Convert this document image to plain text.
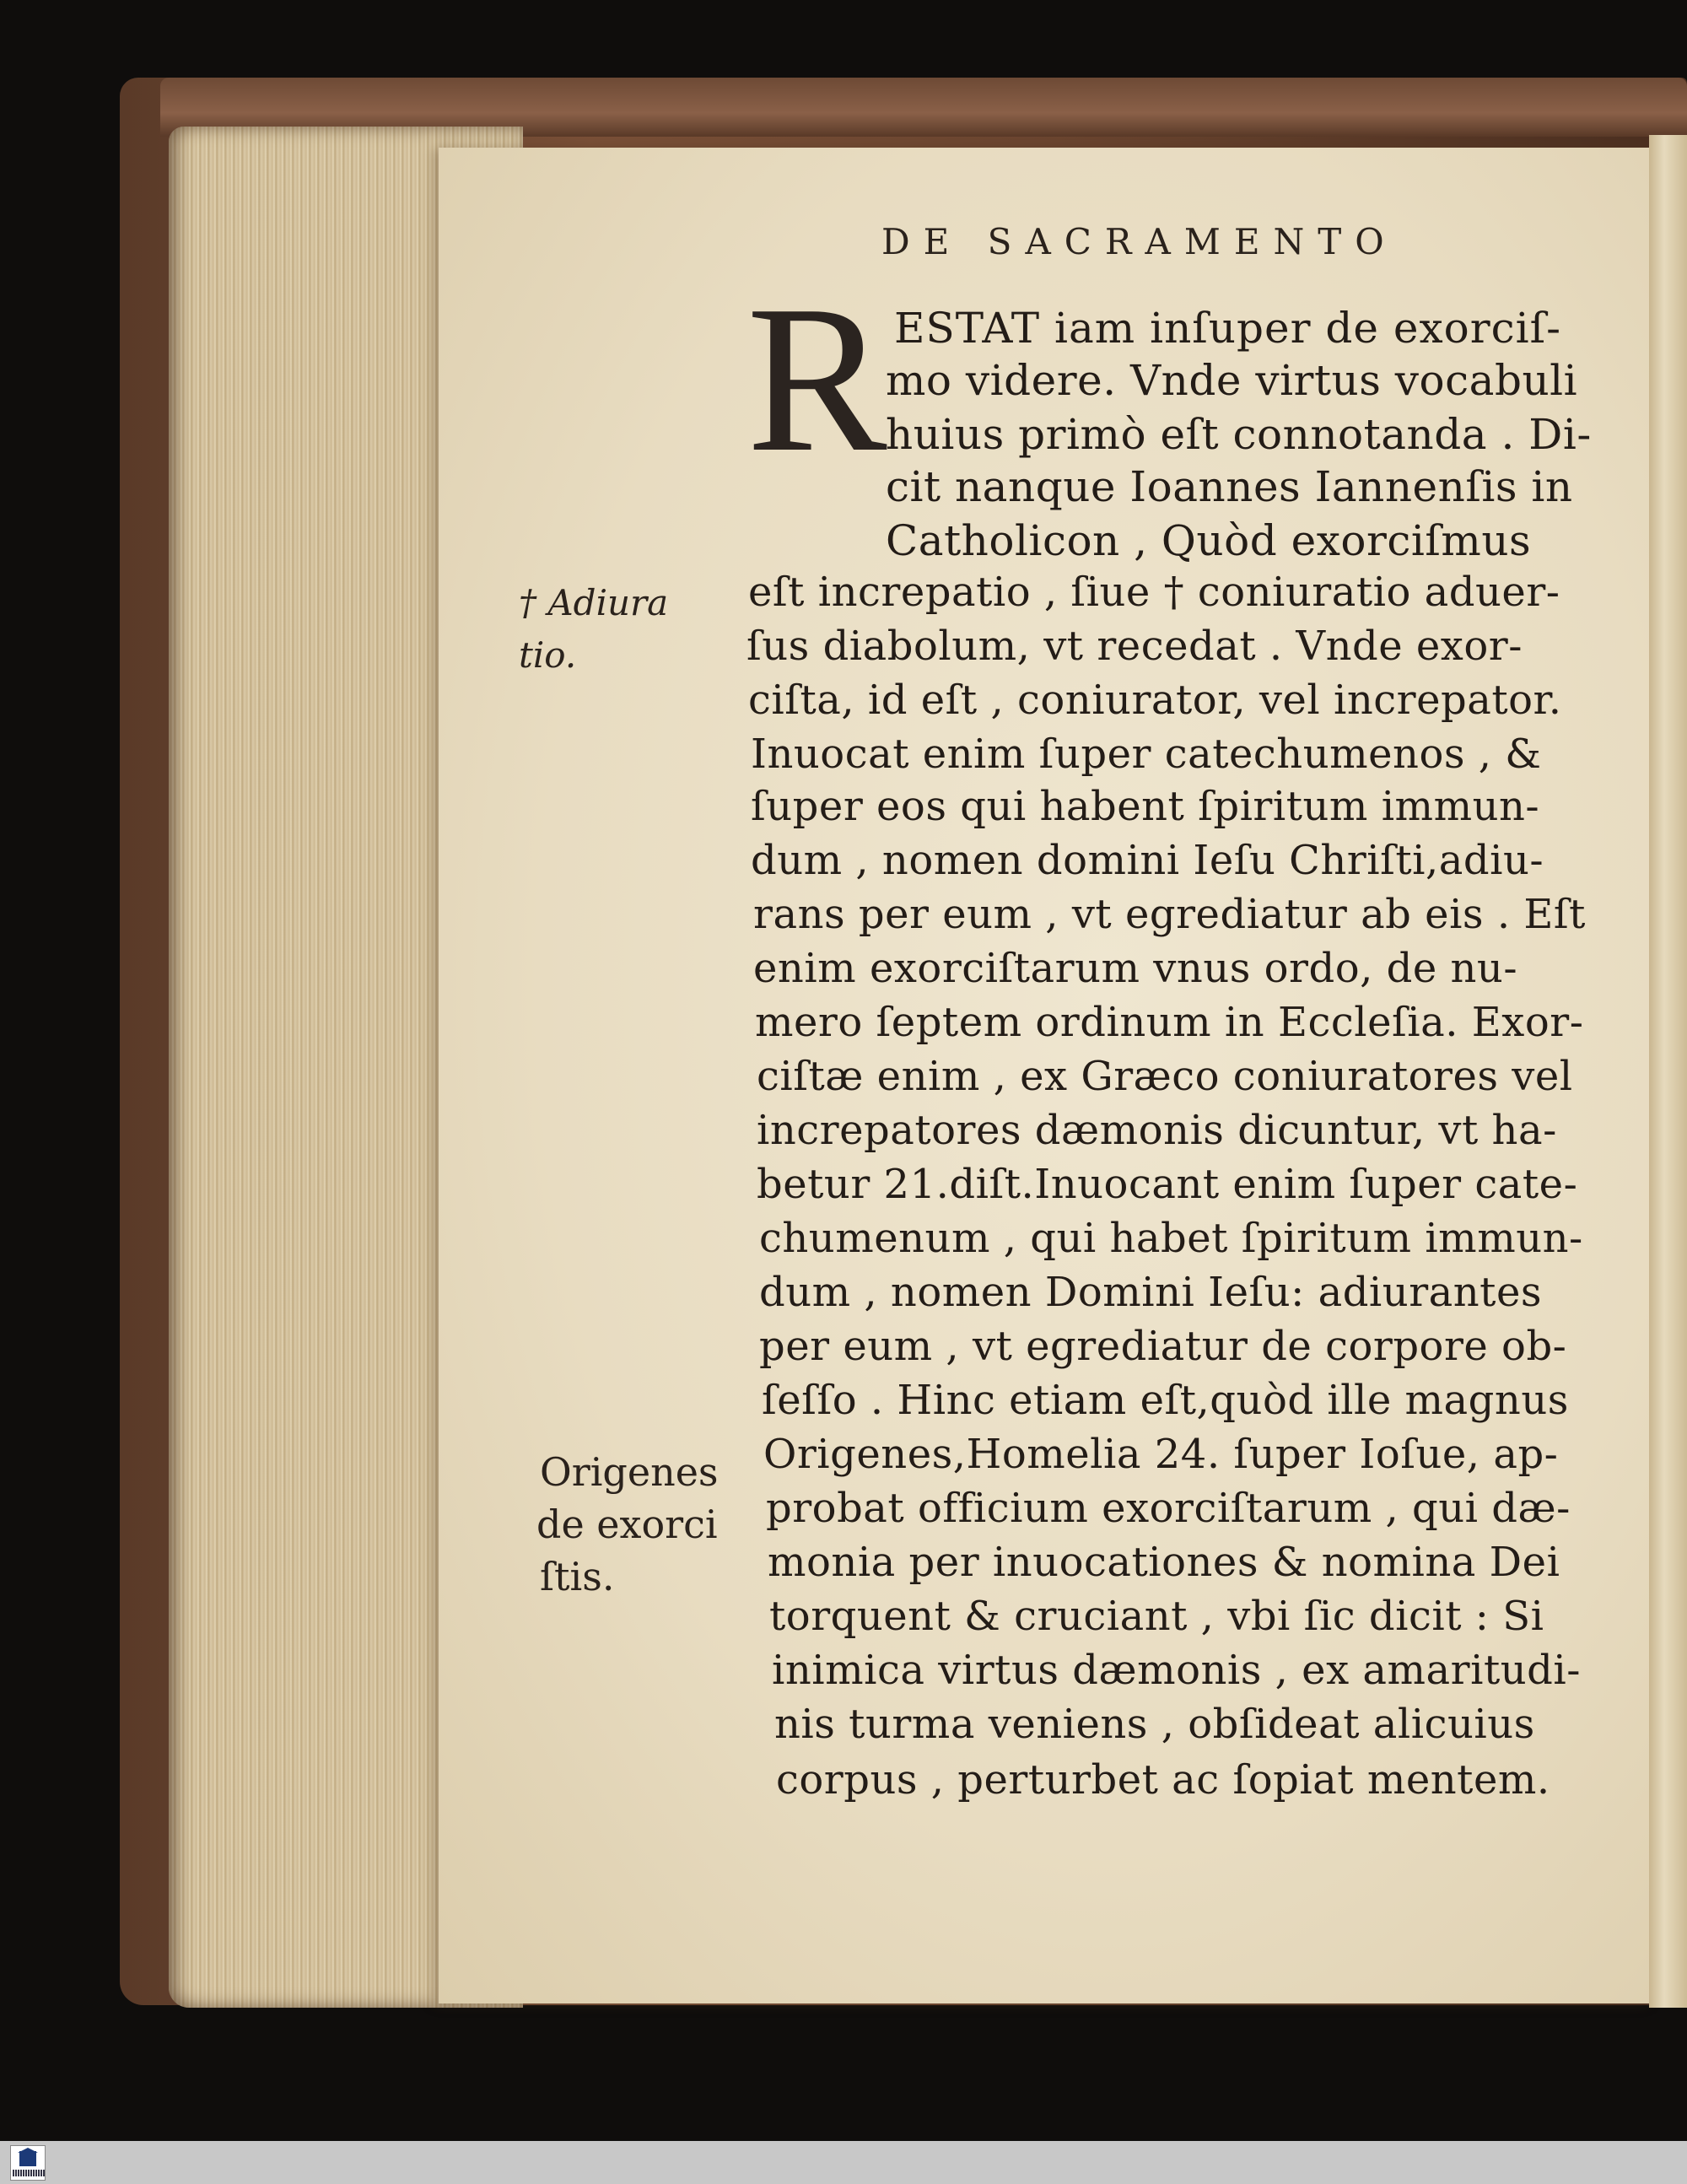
DE SACRAMENTO
R ESTAT iam inſuper de exorciſ-
mo videre. Vnde virtus vocabuli
huius primò eſt connotanda . Di-
cit nanque Ioannes Iannenſis in
Catholicon , Quòd exorciſmus
eſt increpatio , ſiue † coniuratio aduer-
ſus diabolum, vt recedat . Vnde exor-
ciſta, id eſt , coniurator, vel increpator.
Inuocat enim ſuper catechumenos , &
ſuper eos qui habent ſpiritum immun-
dum , nomen domini Ieſu Chriſti,adiu-
rans per eum , vt egrediatur ab eis . Eſt
enim exorciſtarum vnus ordo, de nu-
mero ſeptem ordinum in Eccleſia. Exor-
ciſtæ enim , ex Græco coniuratores vel
increpatores dæmonis dicuntur, vt ha-
betur 21.diſt.Inuocant enim ſuper cate-
chumenum , qui habet ſpiritum immun-
dum , nomen Domini Ieſu: adiurantes
per eum , vt egrediatur de corpore ob-
ſeſſo . Hinc etiam eſt,quòd ille magnus
Origenes,Homelia 24. ſuper Ioſue, ap-
probat officium exorciſtarum , qui dæ-
monia per inuocationes & nomina Dei
torquent & cruciant , vbi ſic dicit : Si
inimica virtus dæmonis , ex amaritudi-
nis turma veniens , obſideat alicuius
corpus , perturbet ac ſopiat mentem.
† Adiura
tio.
Origenes
de exorci
ſtis.
